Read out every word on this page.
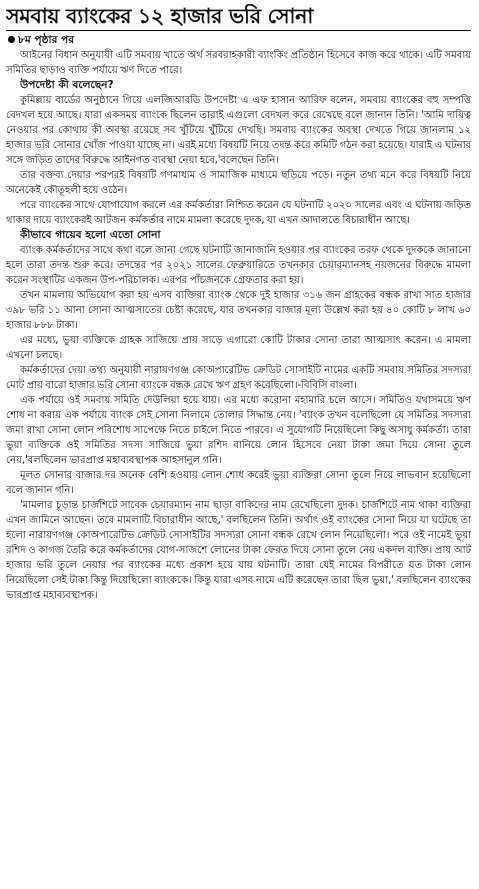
সমবায় ব্যাংকের ১২ হাজার ভরি সোনা
৮ম পৃষ্ঠার পর

আইনের বিধান অনুযায়ী এটি সমবায় খাতে অর্থ সরবরাহকারী ব্যাংকিং প্রতিষ্ঠান হিসেবে কাজ করে থাকে। এটি সমবায় সমিতির ছাড়াও ব্যক্তি পর্যায়ে ঋণ দিতে পারে।

উপদেষ্টা কী বলেছেন?

কুমিল্লায় বার্ডের অনুষ্ঠানে গিয়ে এলজিআরডি উপদেষ্টা এ এফ হাসান আরিফ বলেন, সমবায় ব্যাংকের বহু সম্পত্তি বেদখল হয়ে আছে। যারা একসময় ব্যাংকে ছিলেন তারাই এগুলো বেদখল করে রেখেছে বলে জানান তিনি। 'আমি দায়িত্ব নেওয়ার পর কোথায় কী অবস্থা রয়েছে সব খুঁটিয়ে খুঁটিয়ে দেখছি। সমবায় ব্যাংকের অবস্থা দেখতে গিয়ে জানলাম ১২ হাজার ভরি সোনার খোঁজ পাওয়া যাচ্ছে না। এরই মধ্যে বিষয়টি নিয়ে তদন্ত করে কমিটি গঠন করা হয়েছে। যারাই এ ঘটনার সঙ্গে জড়িত তাদের বিরুদ্ধে আইনগত ব্যবস্থা নেয়া হবে,'বলেছেন তিনি।

তার বক্তব্য দেয়ার পরপরই বিষয়টি গণমাধ্যম ও সামাজিক মাধ্যমে ছড়িয়ে পড়ে। নতুন তথ্য মনে করে বিষয়টি নিয়ে অনেকেই কৌতূহলী হয়ে ওঠেন।

পরে ব্যাংকের সাথে যোগাযোগ করলে এর কর্মকর্তারা নিশ্চিত করেন যে ঘটনাটি ২০২০ সালের এবং এ ঘটনায় জড়িত থাকার দায়ে ব্যাংকেরই আটজন কর্মকর্তার নামে মামলা করেছে দুদক, যা এখন আদালতে বিচারাধীন আছে।

কীভাবে গায়েব হলো এতো সোনা

ব্যাংক কর্মকর্তাদের সাথে কথা বলে জানা গেছে ঘটনাটি জানাজানি হওয়ার পর ব্যাংকের তরফ থেকে দুদককে জানানো হলে তারা তদন্ত শুরু করে। তদন্তের পর ২০২১ সালের ফেব্রুয়ারিতে তখনকার চেয়ারম্যানসহ নয়জনের বিরুদ্ধে মামলা করেন সংস্থাটির একজন উপ-পরিচালক। এরপর পাঁচজনকে গ্রেফতার করা হয়।

তখন মামলায় অভিযোগ করা হয় এসব ব্যক্তিরা ব্যাংক থেকে দুই হাজার ৩১৬ জন গ্রাহকের বন্ধক রাখা সাত হাজার ৩৯৮ ভরি ১১ আনা সোনা আত্মসাতের চেষ্টা করেছে, যার তখনকার বাজার মূল্য উল্লেখ করা হয় ৪০ কোটি ৮ লাখ ৬০ হাজার ৮৮৮ টাকা।

এর মধ্যে, ভুয়া ব্যক্তিকে গ্রাহক সাজিয়ে প্রায় সাড়ে এগারো কোটি টাকার সোনা তারা আত্মসাৎ করেন। এ মামলা এখনো চলছে।

কর্মকর্তাদের দেয়া তথ্য অনুযায়ী নারায়ণগঞ্জ কোঅপারেটিভ ক্রেডিট সোসাইটি নামের একটি সমবায় সমিতির সদস্যরা মোট প্রায় বারো হাজার ভরি সোনা ব্যাংকে বন্ধক রেখে ঋণ গ্রহণ করেছিলো।-বিবিসি বাংলা।

এক পর্যায়ে ওই সমবায় সমিতি দেউলিয়া হয়ে যায়। এর মধ্যে করোনা মহামারি চলে আসে। সমিতিও যথাসময়ে ঋণ শোধ না করায় এক পর্যায়ে ব্যাংক সেই সোনা নিলামে তোলার সিদ্ধান্ত নেয়। 'ব্যাংক তখন বলেছিলো যে সমিতির সদস্যরা জমা রাখা সোনা লোন পরিশোধ সাপেক্ষে নিতে চাইলে নিতে পারবে। এ সুযোগটি নিয়েছিলো কিছু অসাধু কর্মকর্তা। তারা ভুয়া ব্যক্তিকে ওই সমিতির সদস্য সাজিয়ে ভুয়া রশিদ বানিয়ে লোন হিসেবে নেয়া টাকা জমা দিয়ে সোনা তুলে নেয়,'বলছিলেন ভারপ্রাপ্ত মহাব্যবস্থাপক আহসানুল গনি।

মূলত সোনার বাজার দর অনেক বেশি হওয়ায় লোন শোধ করেই ভুয়া ব্যক্তিরা সোনা তুলে নিয়ে লাভবান হয়েছিলো বলে জানান গনি।

'মামলার চূড়ান্ত চার্জশিটে সাবেক চেয়ারম্যান নাম ছাড়া বাকিদের নাম রেখেছিলো দুদক। চার্জশিটে নাম থাকা ব্যক্তিরা এখন জামিনে আছেন। তবে মামলাটি বিচারাধীন আছে,' বলছিলেন তিনি। অর্থাৎ ওই ব্যাংকের সোনা নিয়ে যা ঘটেছে তা হলো নারায়ণগঞ্জ কোঅপারেটিভ ক্রেডিট সোসাইটির সদস্যরা সোনা বন্ধক রেখে লোন নিয়েছিলো। পরে ওই নামেই ভুয়া রশিদ ও কাগজ তৈরি করে কর্মকর্তাদের যোগ-সাজশে লোনের টাকা ফেরত দিয়ে সোনা তুলে নেয় একদল ব্যক্তি। প্রায় আট হাজার ভরি তুলে নেয়ার পর ব্যাংকের মধ্যে প্রকাশ হয়ে যায় ঘটনাটি। তারা যেই নামের বিপরীতে যত টাকা লোন নিয়েছিলো সেই টাকা কিন্তু দিয়েছিলো ব্যাংককে। কিন্তু যারা এসব নামে এটি করেছেন তারা ছিল ভুয়া,' বলছিলেন ব্যাংকের ভারপ্রাপ্ত মহাব্যবস্থাপক।
